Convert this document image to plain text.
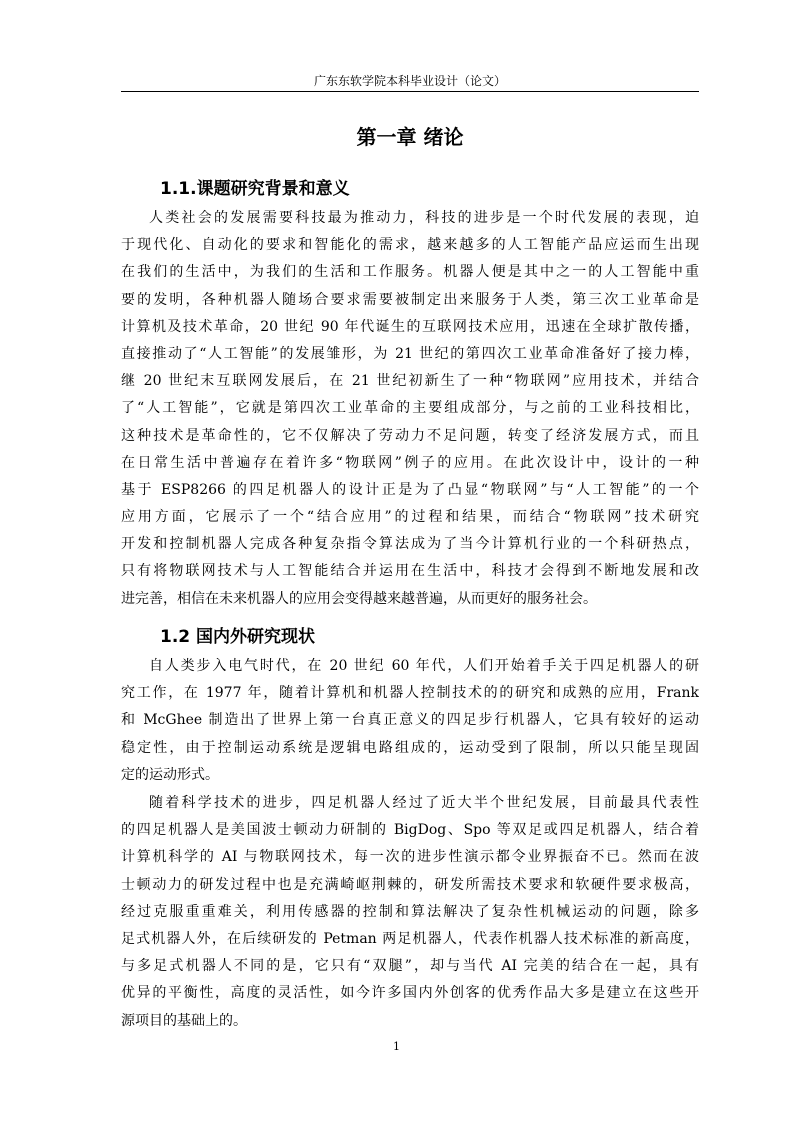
广东东软学院本科毕业设计（论文）
第一章 绪论
1.1.课题研究背景和意义
人类社会的发展需要科技最为推动力，科技的进步是一个时代发展的表现，迫
于现代化、自动化的要求和智能化的需求，越来越多的人工智能产品应运而生出现
在我们的生活中，为我们的生活和工作服务。机器人便是其中之一的人工智能中重
要的发明，各种机器人随场合要求需要被制定出来服务于人类，第三次工业革命是
计算机及技术革命，20 世纪 90 年代诞生的互联网技术应用，迅速在全球扩散传播，
直接推动了“人工智能”的发展雏形，为 21 世纪的第四次工业革命准备好了接力棒，
继 20 世纪末互联网发展后，在 21 世纪初新生了一种“物联网”应用技术，并结合
了“人工智能”，它就是第四次工业革命的主要组成部分，与之前的工业科技相比，
这种技术是革命性的，它不仅解决了劳动力不足问题，转变了经济发展方式，而且
在日常生活中普遍存在着许多“物联网”例子的应用。在此次设计中，设计的一种
基于 ESP8266 的四足机器人的设计正是为了凸显“物联网”与“人工智能”的一个
应用方面，它展示了一个“结合应用”的过程和结果，而结合“物联网”技术研究
开发和控制机器人完成各种复杂指令算法成为了当今计算机行业的一个科研热点，
只有将物联网技术与人工智能结合并运用在生活中，科技才会得到不断地发展和改
进完善，相信在未来机器人的应用会变得越来越普遍，从而更好的服务社会。
1.2 国内外研究现状
自人类步入电气时代，在 20 世纪 60 年代，人们开始着手关于四足机器人的研
究工作，在 1977 年，随着计算机和机器人控制技术的的研究和成熟的应用，Frank
和 McGhee 制造出了世界上第一台真正意义的四足步行机器人，它具有较好的运动
稳定性，由于控制运动系统是逻辑电路组成的，运动受到了限制，所以只能呈现固
定的运动形式。
随着科学技术的进步，四足机器人经过了近大半个世纪发展，目前最具代表性
的四足机器人是美国波士顿动力研制的 BigDog、Spo 等双足或四足机器人，结合着
计算机科学的 AI 与物联网技术，每一次的进步性演示都令业界振奋不已。然而在波
士顿动力的研发过程中也是充满崎岖荆棘的，研发所需技术要求和软硬件要求极高，
经过克服重重难关，利用传感器的控制和算法解决了复杂性机械运动的问题，除多
足式机器人外，在后续研发的 Petman 两足机器人，代表作机器人技术标准的新高度，
与多足式机器人不同的是，它只有“双腿”，却与当代 AI 完美的结合在一起，具有
优异的平衡性，高度的灵活性，如今许多国内外创客的优秀作品大多是建立在这些开
源项目的基础上的。
1
